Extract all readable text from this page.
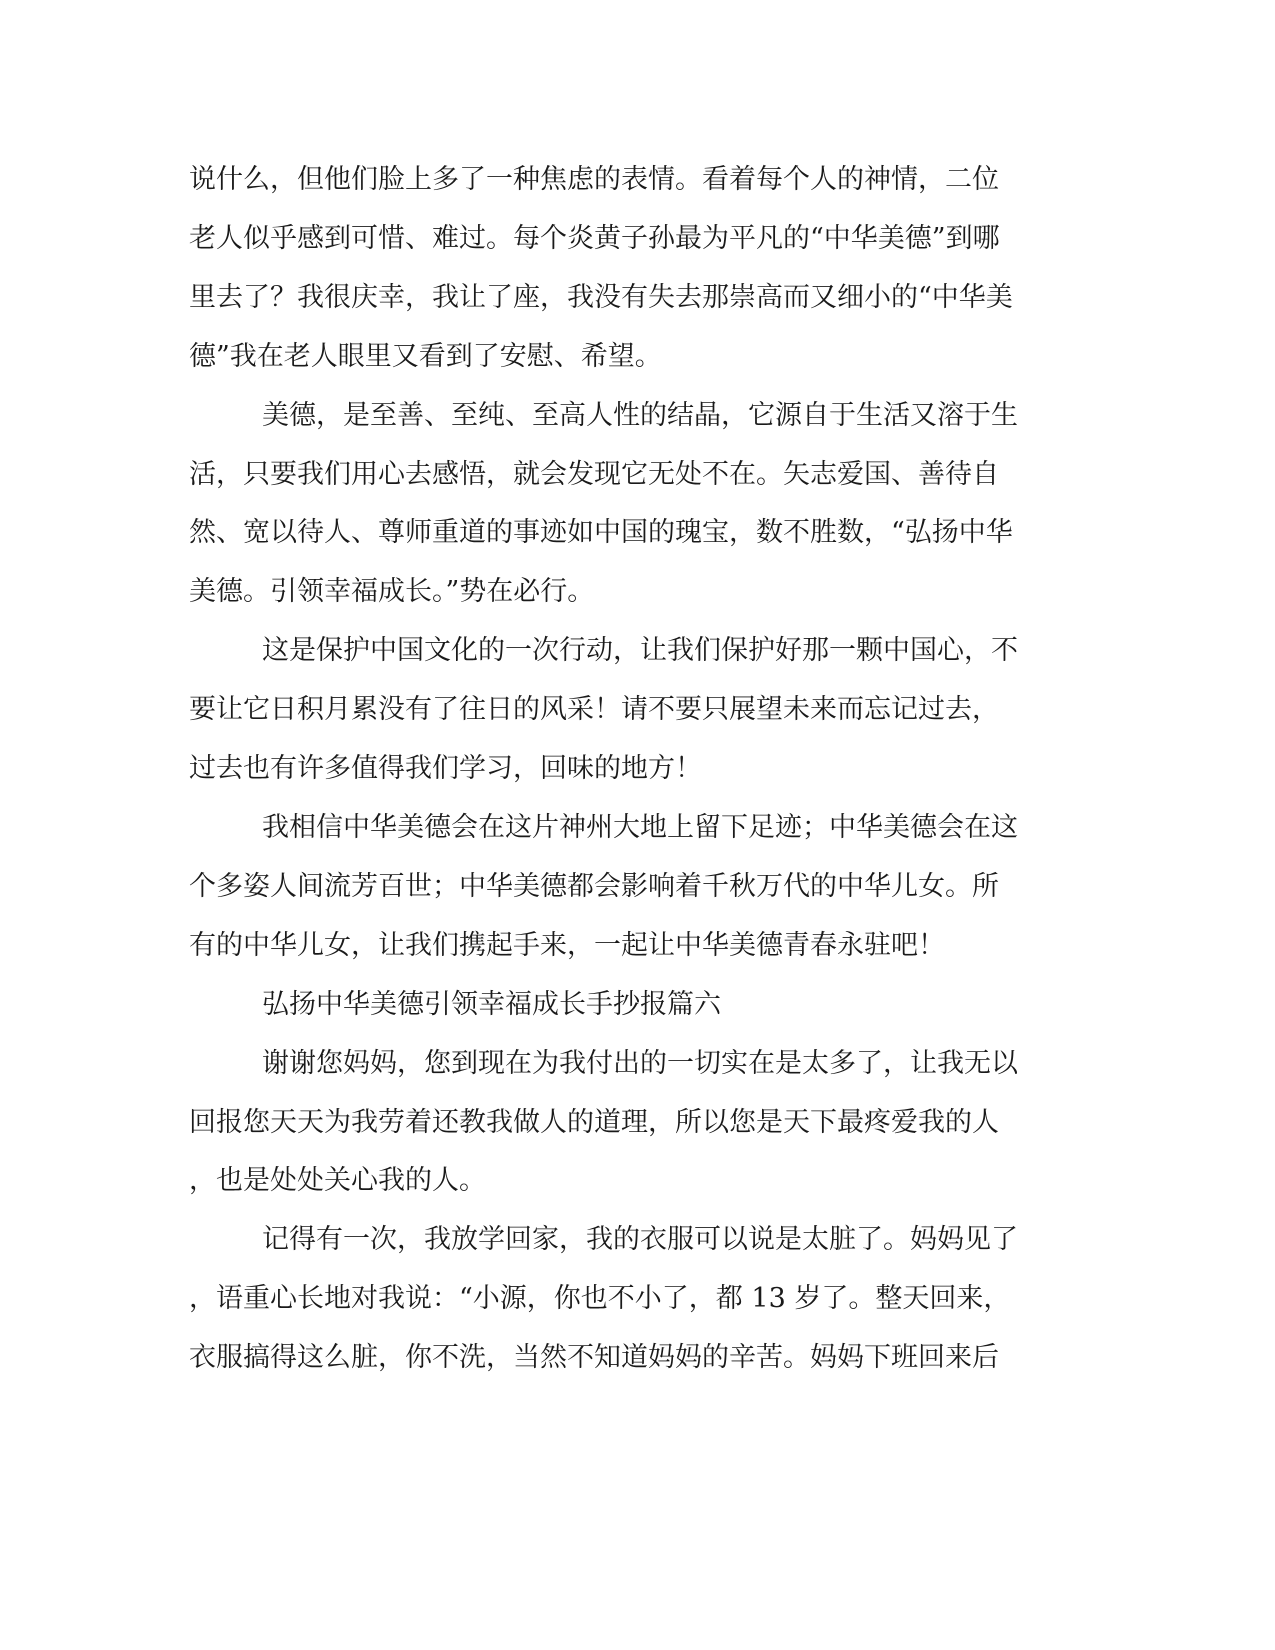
说什么，但他们脸上多了一种焦虑的表情。看着每个人的神情，二位
老人似乎感到可惜、难过。每个炎黄子孙最为平凡的“中华美德”到哪
里去了？我很庆幸，我让了座，我没有失去那崇高而又细小的“中华美
德”我在老人眼里又看到了安慰、希望。
美德，是至善、至纯、至高人性的结晶，它源自于生活又溶于生
活，只要我们用心去感悟，就会发现它无处不在。矢志爱国、善待自
然、宽以待人、尊师重道的事迹如中国的瑰宝，数不胜数，“弘扬中华
美德。引领幸福成长。”势在必行。
这是保护中国文化的一次行动，让我们保护好那一颗中国心，不
要让它日积月累没有了往日的风采！请不要只展望未来而忘记过去，
过去也有许多值得我们学习，回味的地方！
我相信中华美德会在这片神州大地上留下足迹；中华美德会在这
个多姿人间流芳百世；中华美德都会影响着千秋万代的中华儿女。所
有的中华儿女，让我们携起手来，一起让中华美德青春永驻吧！
弘扬中华美德引领幸福成长手抄报篇六
谢谢您妈妈，您到现在为我付出的一切实在是太多了，让我无以
回报您天天为我劳着还教我做人的道理，所以您是天下最疼爱我的人
，也是处处关心我的人。
记得有一次，我放学回家，我的衣服可以说是太脏了。妈妈见了
，语重心长地对我说：“小源，你也不小了，都 13 岁了。整天回来，
衣服搞得这么脏，你不洗，当然不知道妈妈的辛苦。妈妈下班回来后
